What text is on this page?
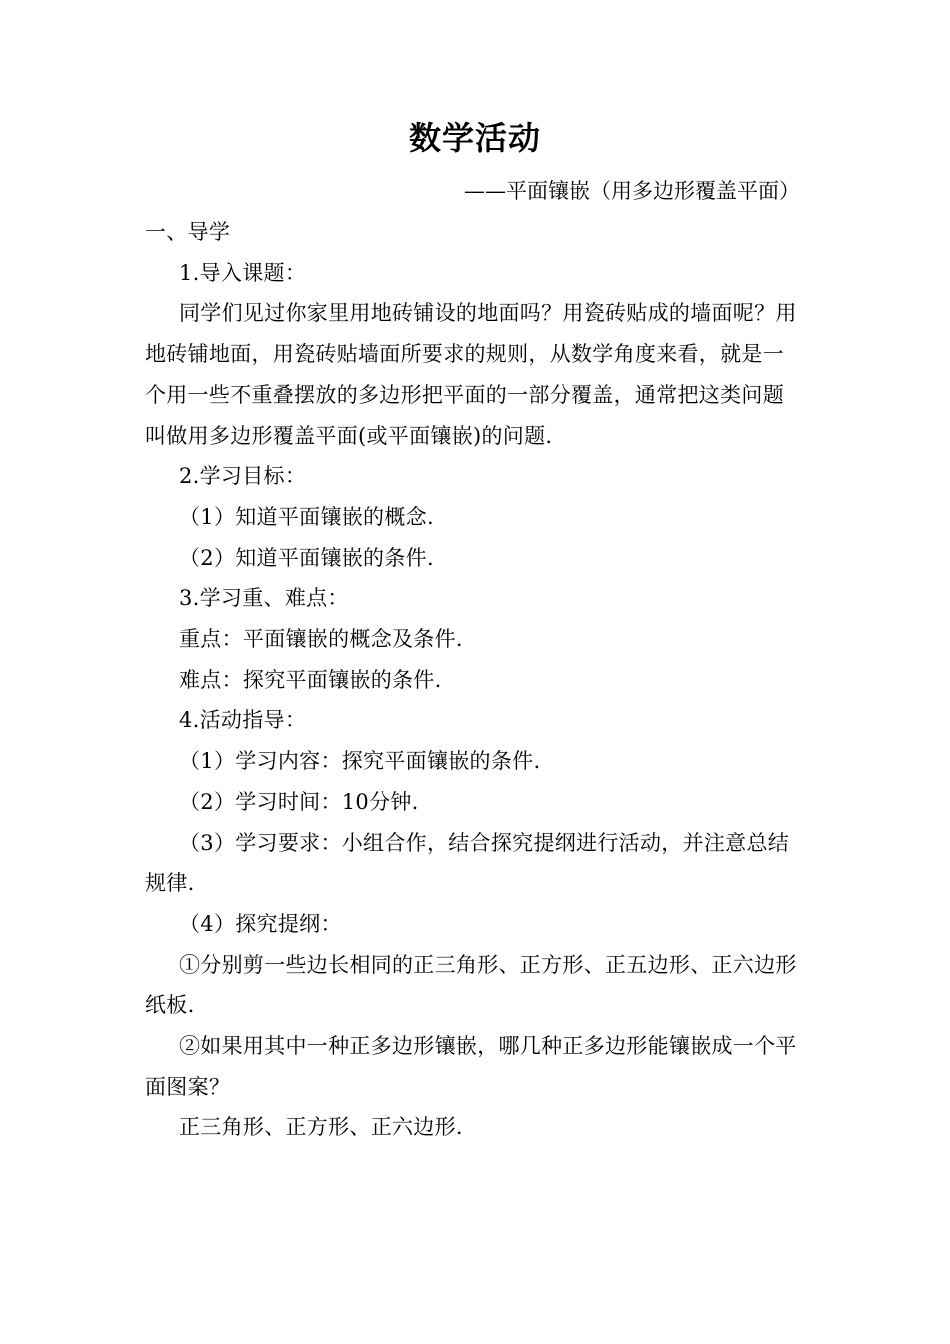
数学活动

——平面镶嵌（用多边形覆盖平面）

一、导学

1.导入课题：

同学们见过你家里用地砖铺设的地面吗？用瓷砖贴成的墙面呢？用地砖铺地面，用瓷砖贴墙面所要求的规则，从数学角度来看，就是一个用一些不重叠摆放的多边形把平面的一部分覆盖，通常把这类问题叫做用多边形覆盖平面(或平面镶嵌)的问题.

2.学习目标：

（1）知道平面镶嵌的概念.

（2）知道平面镶嵌的条件.

3.学习重、难点：

重点：平面镶嵌的概念及条件.

难点：探究平面镶嵌的条件.

4.活动指导：

（1）学习内容：探究平面镶嵌的条件.

（2）学习时间：10分钟.

（3）学习要求：小组合作，结合探究提纲进行活动，并注意总结规律.

（4）探究提纲：

①分别剪一些边长相同的正三角形、正方形、正五边形、正六边形纸板.

②如果用其中一种正多边形镶嵌，哪几种正多边形能镶嵌成一个平面图案？

正三角形、正方形、正六边形.
